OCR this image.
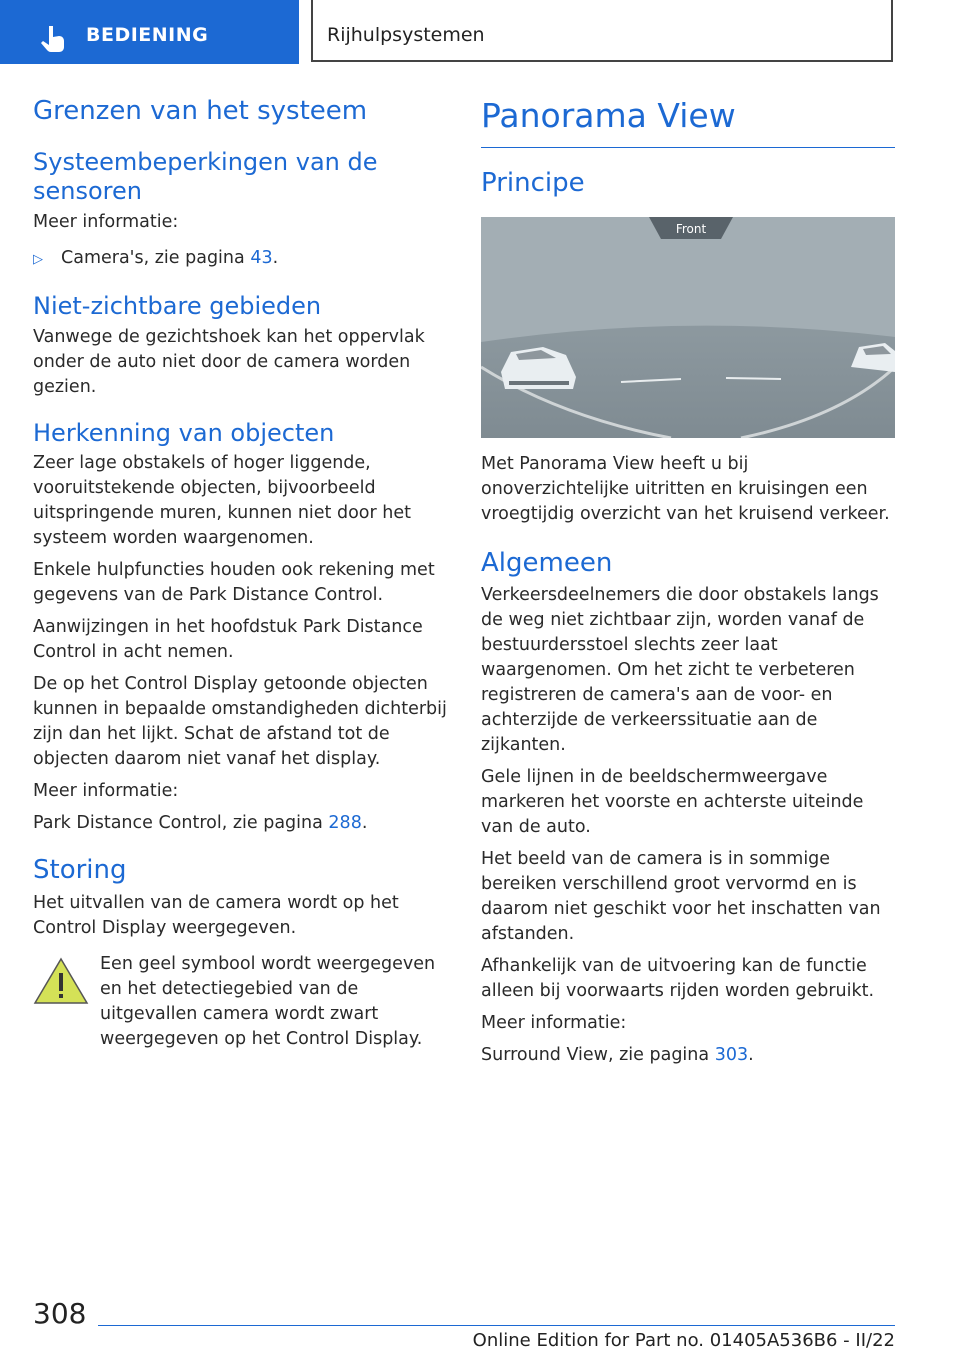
BEDIENING	Rijhulpsystemen
Grenzen van het systeem
Systeembeperkingen van de sensoren

Meer informatie:

▷	Camera's, zie pagina 43.
Niet-zichtbare gebieden

Vanwege de gezichtshoek kan het oppervlak onder de auto niet door de camera worden gezien.

Herkenning van objecten

Zeer lage obstakels of hoger liggende, vooruitstekende objecten, bijvoorbeeld uitspringende muren, kunnen niet door het systeem worden waargenomen.

Enkele hulpfuncties houden ook rekening met gegevens van de Park Distance Control.

Aanwijzingen in het hoofdstuk Park Distance Control in acht nemen.

De op het Control Display getoonde objecten kunnen in bepaalde omstandigheden dichterbij zijn dan het lijkt. Schat de afstand tot de objecten daarom niet vanaf het display.

Meer informatie:

Park Distance Control, zie pagina 288.

Storing

Het uitvallen van de camera wordt op het Control Display weergegeven.

Een geel symbool wordt weergegeven en het detectiegebied van de uitgevallen camera wordt zwart weergegeven op het Control Display.

Panorama View
Principe
Front

Met Panorama View heeft u bij onoverzichtelijke uitritten en kruisingen een vroegtijdig overzicht van het kruisend verkeer.

Algemeen

Verkeersdeelnemers die door obstakels langs de weg niet zichtbaar zijn, worden vanaf de bestuurdersstoel slechts zeer laat waargenomen. Om het zicht te verbeteren registreren de camera's aan de voor- en achterzijde de verkeerssituatie aan de zijkanten.

Gele lijnen in de beeldschermweergave markeren het voorste en achterste uiteinde van de auto.

Het beeld van de camera is in sommige bereiken verschillend groot vervormd en is daarom niet geschikt voor het inschatten van afstanden.

Afhankelijk van de uitvoering kan de functie alleen bij voorwaarts rijden worden gebruikt.

Meer informatie:

Surround View, zie pagina 303.

308
Online Edition for Part no. 01405A536B6 - II/22
